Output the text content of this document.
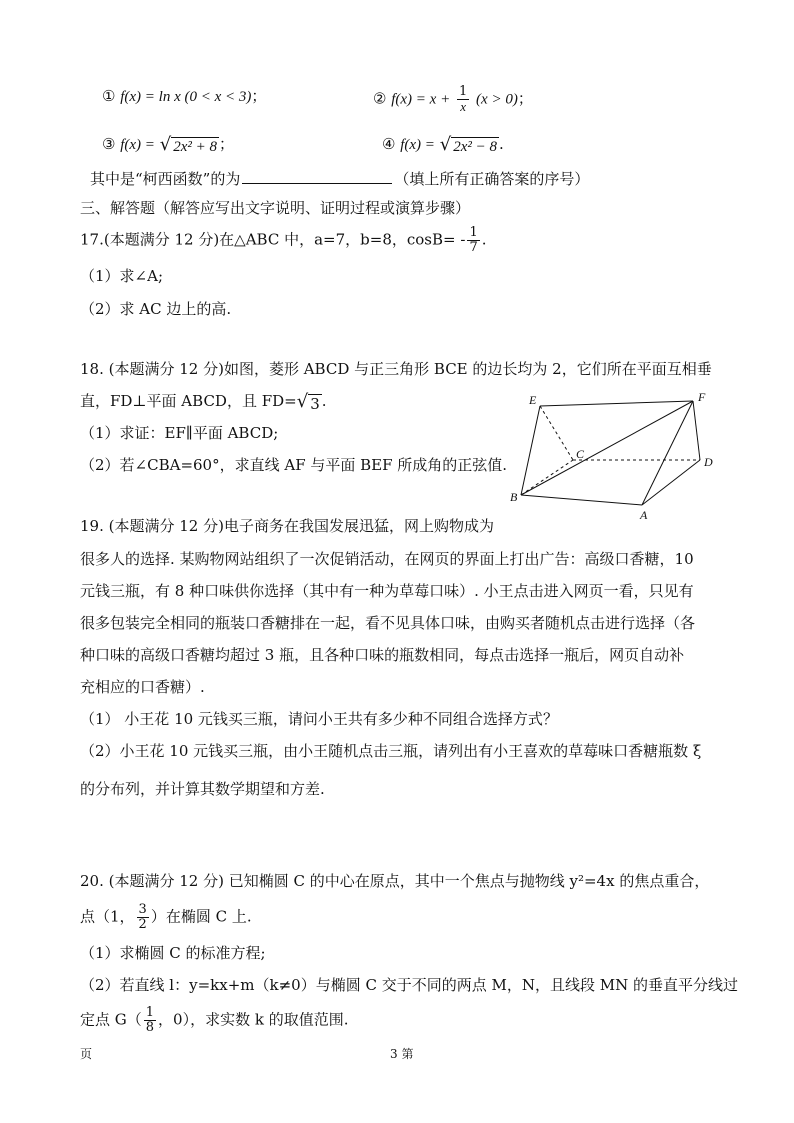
① f(x) = ln x (0 < x < 3)；	② $f(x) = x + \frac{1}{x} (x > 0)$；
③ f(x) = √ 2x² + 8 ；	④ f(x) = √ 2x² − 8 .
其中是“柯西函数”的为	（填上所有正确答案的序号）
三、解答题（解答应写出文字说明、证明过程或演算步骤）
17.(本题满分 12 分)在△ABC 中，a=7，b=8，$\cos B= - \frac{1}{7}$ .
（1）求∠A;
（2）求 AC 边上的高.
18. (本题满分 12 分)如图，菱形 ABCD 与正三角形 BCE 的边长均为 2，它们所在平面互相垂
直，FD⊥平面 ABCD，且 FD= √ 3 .
（1）求证：EF∥平面 ABCD;
（2）若∠CBA=60°，求直线 AF 与平面 BEF 所成角的正弦值.
E	F
C
D
B
A
19. (本题满分 12 分)电子商务在我国发展迅猛，网上购物成为
很多人的选择. 某购物网站组织了一次促销活动，在网页的界面上打出广告：高级口香糖，10
元钱三瓶，有 8 种口味供你选择（其中有一种为草莓口味）. 小王点击进入网页一看，只见有
很多包装完全相同的瓶装口香糖排在一起，看不见具体口味，由购买者随机点击进行选择（各
种口味的高级口香糖均超过 3 瓶，且各种口味的瓶数相同，每点击选择一瓶后，网页自动补
充相应的口香糖）.
（1） 小王花 10 元钱买三瓶，请问小王共有多少种不同组合选择方式？
（2）小王花 10 元钱买三瓶，由小王随机点击三瓶，请列出有小王喜欢的草莓味口香糖瓶数 ξ
的分布列，并计算其数学期望和方差.
20. (本题满分 12 分) 已知椭圆 C 的中心在原点，其中一个焦点与抛物线 y²=4x 的焦点重合，
点（1， $\frac{3}{2}$ ）在椭圆 C 上.
（1）求椭圆 C 的标准方程;
（2）若直线 l：y=kx+m（k≠0）与椭圆 C 交于不同的两点 M，N，且线段 MN 的垂直平分线过
定点 $G( \frac{1}{8}$ ，0），求实数 k 的取值范围.
页	3 第
